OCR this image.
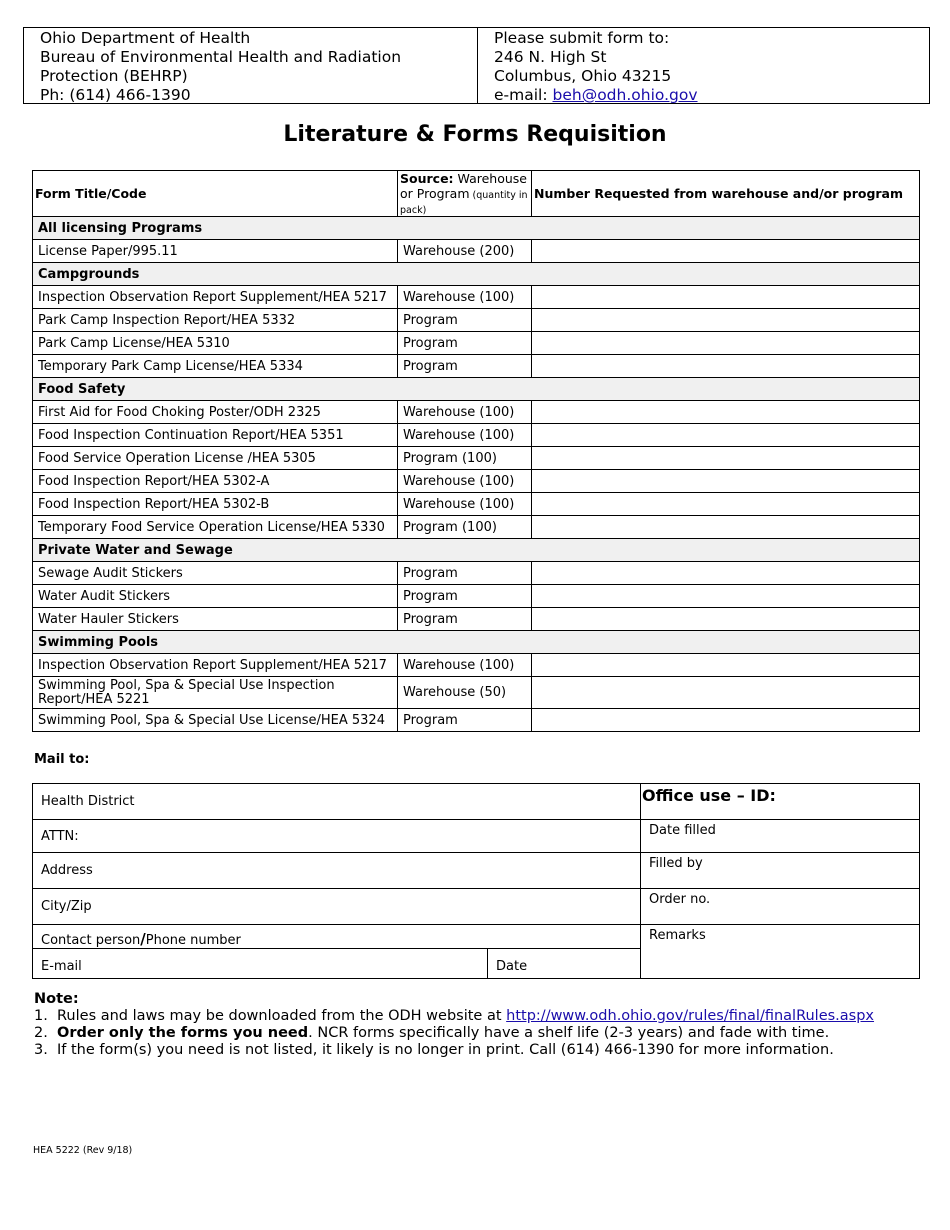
Ohio Department of Health
Bureau of Environmental Health and Radiation
Protection (BEHRP)
Ph: (614) 466-1390
Please submit form to:
246 N. High St
Columbus, Ohio 43215
e-mail: beh@odh.ohio.gov
Literature & Forms Requisition
Form Title/Code	Source: Warehouse or Program (quantity in pack)	Number Requested from warehouse and/or program
All licensing Programs		
License Paper/995.11	Warehouse (200)	
Campgrounds		
Inspection Observation Report Supplement/HEA 5217	Warehouse (100)	
Park Camp Inspection Report/HEA 5332	Program	
Park Camp License/HEA 5310	Program	
Temporary Park Camp License/HEA 5334	Program	
Food Safety		
First Aid for Food Choking Poster/ODH 2325	Warehouse (100)	
Food Inspection Continuation Report/HEA 5351	Warehouse (100)	
Food Service Operation License /HEA 5305	Program (100)	
Food Inspection Report/HEA 5302-A	Warehouse (100)	
Food Inspection Report/HEA 5302-B	Warehouse (100)	
Temporary Food Service Operation License/HEA 5330	Program (100)	
Private Water and Sewage		
Sewage Audit Stickers	Program	
Water Audit Stickers	Program	
Water Hauler Stickers	Program	
Swimming Pools		
Inspection Observation Report Supplement/HEA 5217	Warehouse (100)	
Swimming Pool, Spa & Special Use Inspection Report/HEA 5221	Warehouse (50)	
Swimming Pool, Spa & Special Use License/HEA 5324	Program	
Mail to:
Health District		Office use – ID:
ATTN:		Date filled
Address		Filled by
City/Zip		Order no.
Contact person/Phone number		Remarks
E-mail	Date	
Note:
1. Rules and laws may be downloaded from the ODH website at http://www.odh.ohio.gov/rules/final/finalRules.aspx
2. Order only the forms you need. NCR forms specifically have a shelf life (2-3 years) and fade with time.
3. If the form(s) you need is not listed, it likely is no longer in print. Call (614) 466-1390 for more information.
HEA 5222 (Rev 9/18)
